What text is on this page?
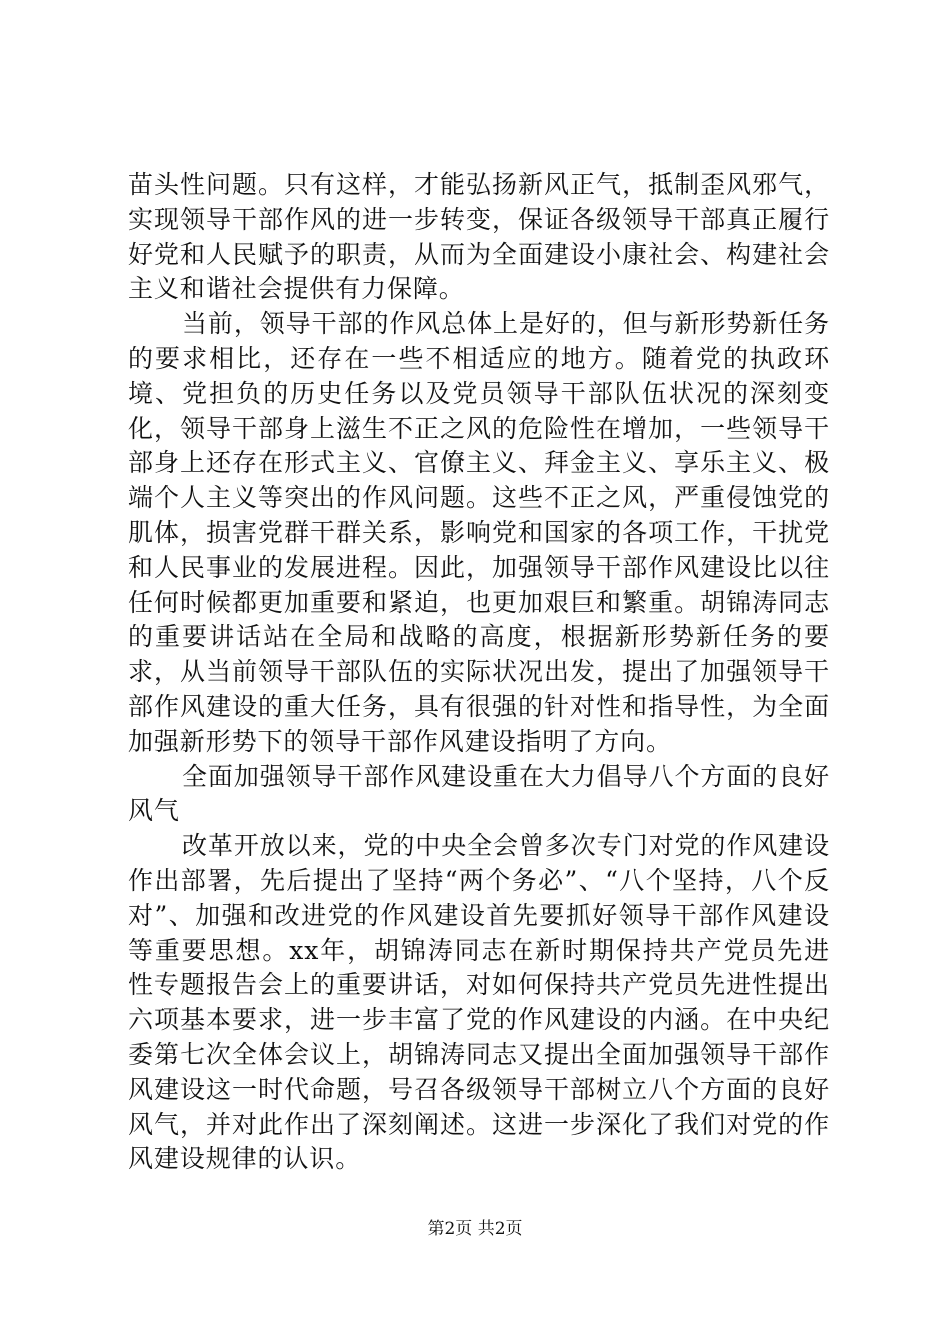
苗头性问题。只有这样，才能弘扬新风正气，抵制歪风邪气，实现领导干部作风的进一步转变，保证各级领导干部真正履行好党和人民赋予的职责，从而为全面建设小康社会、构建社会主义和谐社会提供有力保障。

当前，领导干部的作风总体上是好的，但与新形势新任务的要求相比，还存在一些不相适应的地方。随着党的执政环境、党担负的历史任务以及党员领导干部队伍状况的深刻变化，领导干部身上滋生不正之风的危险性在增加，一些领导干部身上还存在形式主义、官僚主义、拜金主义、享乐主义、极端个人主义等突出的作风问题。这些不正之风，严重侵蚀党的肌体，损害党群干群关系，影响党和国家的各项工作，干扰党和人民事业的发展进程。因此，加强领导干部作风建设比以往任何时候都更加重要和紧迫，也更加艰巨和繁重。胡锦涛同志的重要讲话站在全局和战略的高度，根据新形势新任务的要求，从当前领导干部队伍的实际状况出发，提出了加强领导干部作风建设的重大任务，具有很强的针对性和指导性，为全面加强新形势下的领导干部作风建设指明了方向。

全面加强领导干部作风建设重在大力倡导八个方面的良好风气

改革开放以来，党的中央全会曾多次专门对党的作风建设作出部署，先后提出了坚持“两个务必”、“八个坚持，八个反对”、加强和改进党的作风建设首先要抓好领导干部作风建设等重要思想。xx年，胡锦涛同志在新时期保持共产党员先进性专题报告会上的重要讲话，对如何保持共产党员先进性提出六项基本要求，进一步丰富了党的作风建设的内涵。在中央纪委第七次全体会议上，胡锦涛同志又提出全面加强领导干部作风建设这一时代命题，号召各级领导干部树立八个方面的良好风气，并对此作出了深刻阐述。这进一步深化了我们对党的作风建设规律的认识。

第2页 共2页
